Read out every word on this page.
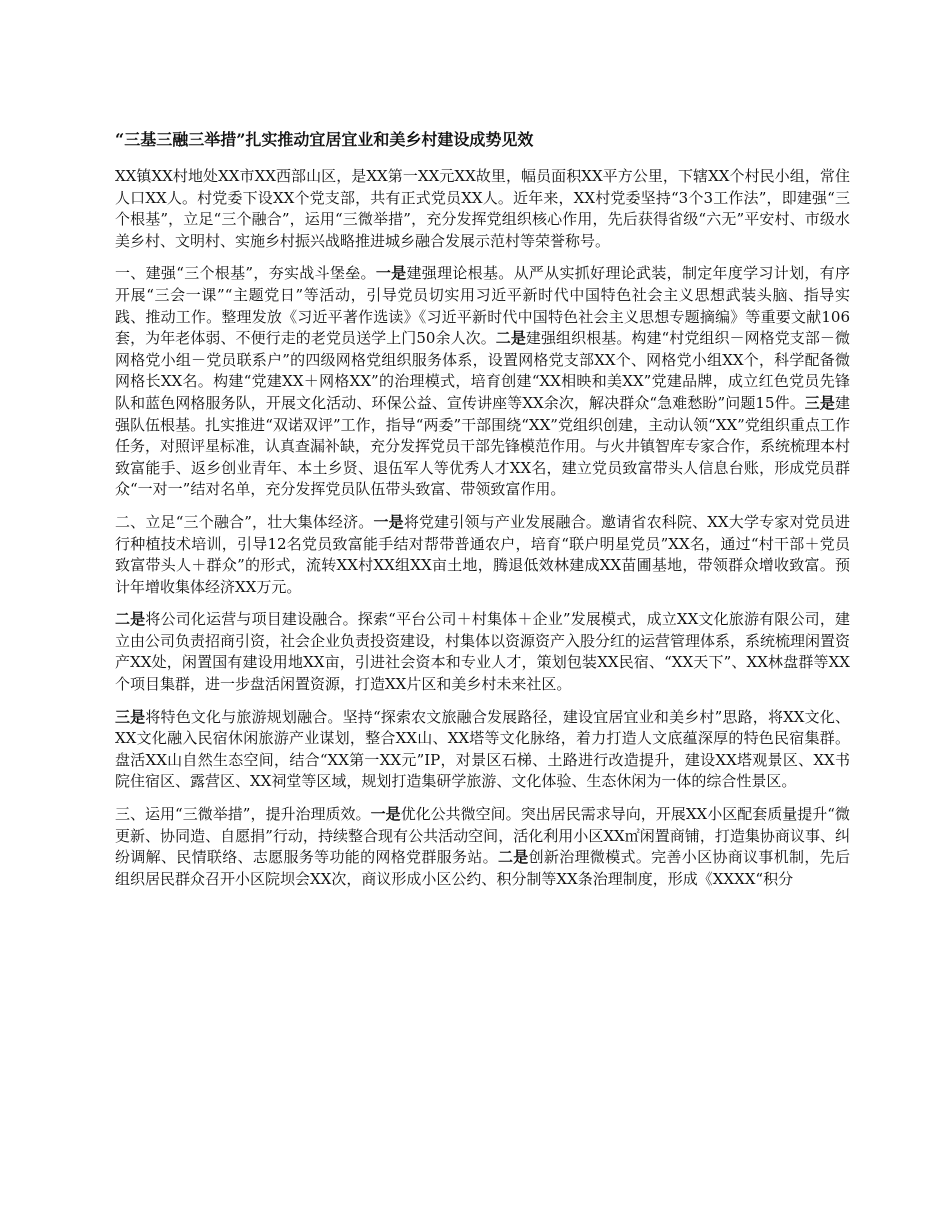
“三基三融三举措”扎实推动宜居宜业和美乡村建设成势见效

XX镇XX村地处XX市XX西部山区，是XX第一XX元XX故里，幅员面积XX平方公里，下辖XX个村民小组，常住人口XX人。村党委下设XX个党支部，共有正式党员XX人。近年来，XX村党委坚持“3个3工作法”，即建强“三个根基”，立足“三个融合”，运用“三微举措”，充分发挥党组织核心作用，先后获得省级“六无”平安村、市级水美乡村、文明村、实施乡村振兴战略推进城乡融合发展示范村等荣誉称号。

一、建强“三个根基”，夯实战斗堡垒。一是建强理论根基。从严从实抓好理论武装，制定年度学习计划，有序开展“三会一课”“主题党日”等活动，引导党员切实用习近平新时代中国特色社会主义思想武装头脑、指导实践、推动工作。整理发放《习近平著作选读》《习近平新时代中国特色社会主义思想专题摘编》等重要文献106套，为年老体弱、不便行走的老党员送学上门50余人次。二是建强组织根基。构建“村党组织－网格党支部－微网格党小组－党员联系户”的四级网格党组织服务体系，设置网格党支部XX个、网格党小组XX个，科学配备微网格长XX名。构建“党建XX＋网格XX”的治理模式，培育创建“XX相映和美XX”党建品牌，成立红色党员先锋队和蓝色网格服务队，开展文化活动、环保公益、宣传讲座等XX余次，解决群众“急难愁盼”问题15件。三是建强队伍根基。扎实推进“双诺双评”工作，指导“两委”干部围绕“XX”党组织创建，主动认领“XX”党组织重点工作任务，对照评星标准，认真查漏补缺，充分发挥党员干部先锋模范作用。与火井镇智库专家合作，系统梳理本村致富能手、返乡创业青年、本土乡贤、退伍军人等优秀人才XX名，建立党员致富带头人信息台账，形成党员群众“一对一”结对名单，充分发挥党员队伍带头致富、带领致富作用。

二、立足“三个融合”，壮大集体经济。一是将党建引领与产业发展融合。邀请省农科院、XX大学专家对党员进行种植技术培训，引导12名党员致富能手结对帮带普通农户，培育“联户明星党员”XX名，通过“村干部＋党员致富带头人＋群众”的形式，流转XX村XX组XX亩土地，腾退低效林建成XX苗圃基地，带领群众增收致富。预计年增收集体经济XX万元。

二是将公司化运营与项目建设融合。探索“平台公司＋村集体＋企业”发展模式，成立XX文化旅游有限公司，建立由公司负责招商引资，社会企业负责投资建设，村集体以资源资产入股分红的运营管理体系，系统梳理闲置资产XX处，闲置国有建设用地XX亩，引进社会资本和专业人才，策划包装XX民宿、“XX天下”、XX林盘群等XX个项目集群，进一步盘活闲置资源，打造XX片区和美乡村未来社区。

三是将特色文化与旅游规划融合。坚持“探索农文旅融合发展路径，建设宜居宜业和美乡村”思路，将XX文化、XX文化融入民宿休闲旅游产业谋划，整合XX山、XX塔等文化脉络，着力打造人文底蕴深厚的特色民宿集群。盘活XX山自然生态空间，结合“XX第一XX元”IP，对景区石梯、土路进行改造提升，建设XX塔观景区、XX书院住宿区、露营区、XX祠堂等区域，规划打造集研学旅游、文化体验、生态休闲为一体的综合性景区。

三、运用“三微举措”，提升治理质效。一是优化公共微空间。突出居民需求导向，开展XX小区配套质量提升“微更新、协同造、自愿捐”行动，持续整合现有公共活动空间，活化利用小区XX㎡闲置商铺，打造集协商议事、纠纷调解、民情联络、志愿服务等功能的网格党群服务站。二是创新治理微模式。完善小区协商议事机制，先后组织居民群众召开小区院坝会XX次，商议形成小区公约、积分制等XX条治理制度，形成《XXXX“积分
